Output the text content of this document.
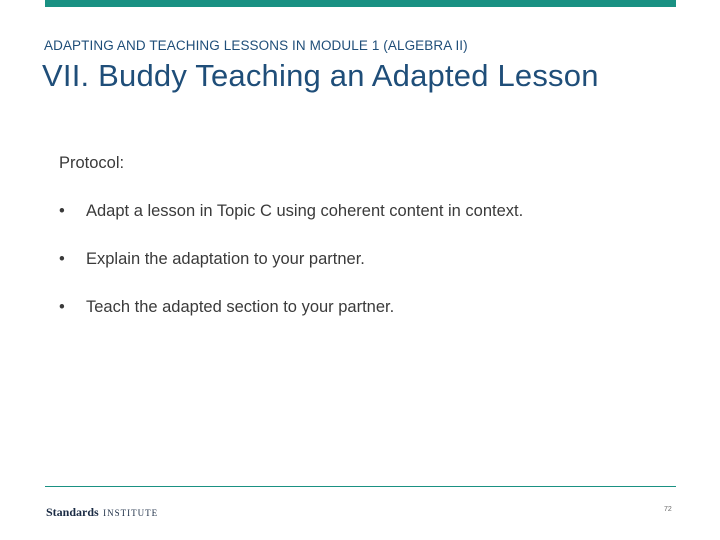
ADAPTING AND TEACHING LESSONS IN MODULE 1 (ALGEBRA II)
VII. Buddy Teaching an Adapted Lesson
Protocol:
• Adapt a lesson in Topic C using coherent content in context.
• Explain the adaptation to your partner.
• Teach the adapted section to your partner.
Standards INSTITUTE	72
